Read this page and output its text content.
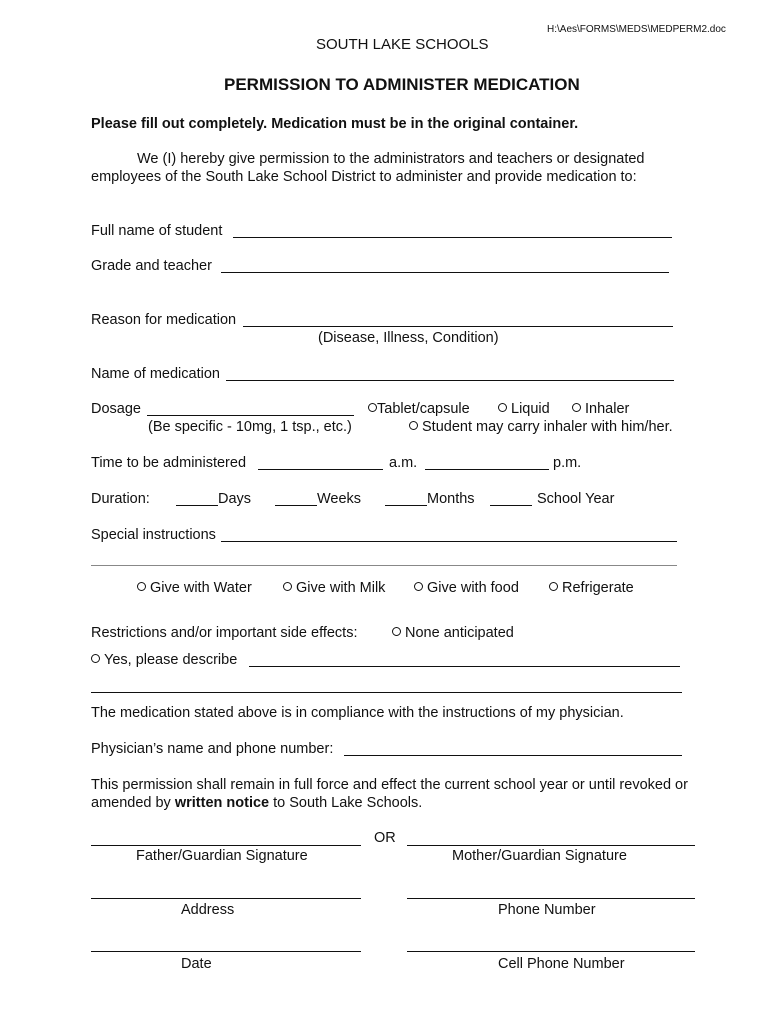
H:\Aes\FORMS\MEDS\MEDPERM2.doc
SOUTH LAKE SCHOOLS
PERMISSION TO ADMINISTER MEDICATION
Please fill out completely. Medication must be in the original container.
We (I) hereby give permission to the administrators and teachers or designated
employees of the South Lake School District to administer and provide medication to:
Full name of student
Grade and teacher
Reason for medication
(Disease, Illness, Condition)
Name of medication
Dosage	Tablet/capsule	Liquid	Inhaler
(Be specific - 10mg, 1 tsp., etc.)	Student may carry inhaler with him/her.
Time to be administered	a.m.	p.m.
Duration:	Days	Weeks	Months	School Year
Special instructions
Give with Water	Give with Milk	Give with food	Refrigerate
Restrictions and/or important side effects:	None anticipated
Yes, please describe
The medication stated above is in compliance with the instructions of my physician.
Physician’s name and phone number:
This permission shall remain in full force and effect the current school year or until revoked or
amended by written notice to South Lake Schools.
OR
Father/Guardian Signature	Mother/Guardian Signature
Address	Phone Number
Date	Cell Phone Number
